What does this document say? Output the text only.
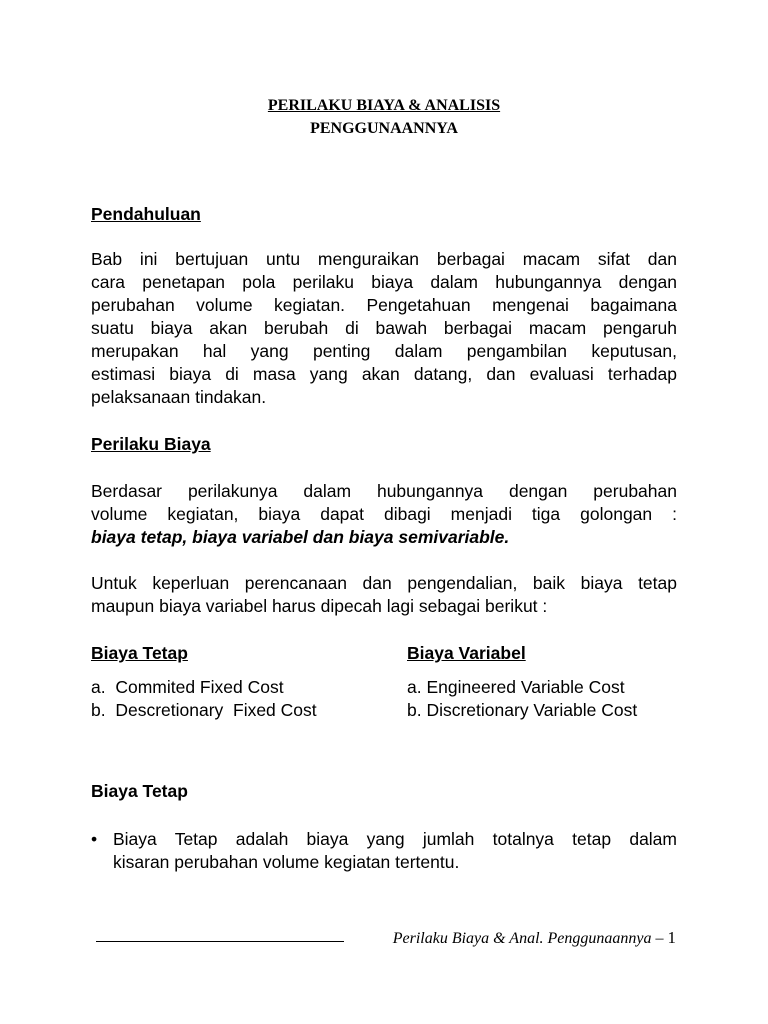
PERILAKU BIAYA & ANALISIS
PENGGUNAANNYA
Pendahuluan
Bab ini bertujuan untu menguraikan berbagai macam sifat dan
cara penetapan pola perilaku biaya dalam hubungannya dengan
perubahan volume kegiatan. Pengetahuan mengenai bagaimana
suatu biaya akan berubah di bawah berbagai macam pengaruh
merupakan hal yang penting dalam pengambilan keputusan,
estimasi biaya di masa yang akan datang, dan evaluasi terhadap
pelaksanaan tindakan.
Perilaku Biaya
Berdasar perilakunya dalam hubungannya dengan perubahan
volume kegiatan, biaya dapat dibagi menjadi tiga golongan :
biaya tetap, biaya variabel dan biaya semivariable.
Untuk keperluan perencanaan dan pengendalian, baik biaya tetap
maupun biaya variabel harus dipecah lagi sebagai berikut :
Biaya Tetap
a.  Commited Fixed Cost
b.  Descretionary  Fixed Cost
Biaya Variabel
a. Engineered Variable Cost
b. Discretionary Variable Cost
Biaya Tetap
• Biaya Tetap adalah biaya yang jumlah totalnya tetap dalam
kisaran perubahan volume kegiatan tertentu.
Perilaku Biaya & Anal. Penggunaannya – 1
